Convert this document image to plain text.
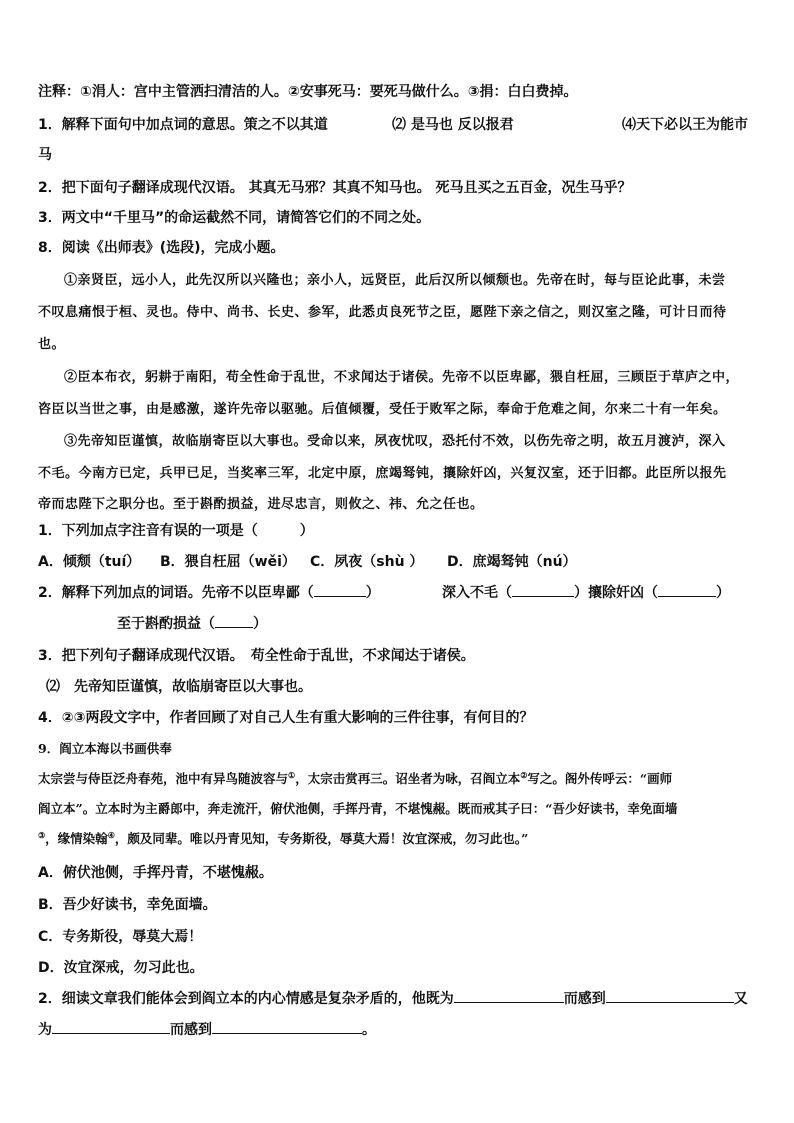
注释：①涓人：宫中主管洒扫清洁的人。②安事死马：要死马做什么。③捐：白白费掉。
1．解释下面句中加点词的意思。策之不以其道	⑵ 是马也 反以报君	⑷天下必以王为能市
马
2．把下面句子翻译成现代汉语。 其真无马邪？其真不知马也。 死马且买之五百金，况生马乎？
3．两文中“千里马”的命运截然不同，请简答它们的不同之处。
8．阅读《出师表》(选段)，完成小题。
①亲贤臣，远小人，此先汉所以兴隆也；亲小人，远贤臣，此后汉所以倾颓也。先帝在时，每与臣论此事，未尝
不叹息痛恨于桓、灵也。侍中、尚书、长史、参军，此悉贞良死节之臣，愿陛下亲之信之，则汉室之隆，可计日而待
也。
②臣本布衣，躬耕于南阳，苟全性命于乱世，不求闻达于诸侯。先帝不以臣卑鄙，猥自枉屈，三顾臣于草庐之中，
咨臣以当世之事，由是感激，遂许先帝以驱驰。后值倾覆，受任于败军之际，奉命于危难之间，尔来二十有一年矣。
③先帝知臣谨慎，故临崩寄臣以大事也。受命以来，夙夜忧叹，恐托付不效，以伤先帝之明，故五月渡泸，深入
不毛。今南方已定，兵甲已足，当奖率三军，北定中原，庶竭驽钝，攘除奸凶，兴复汉室，还于旧都。此臣所以报先
帝而忠陛下之职分也。至于斟酌损益，进尽忠言，则攸之、祎、允之任也。
1．下列加点字注音有误的一项是（　　　）
A．倾颓（tuí） B．猥自枉屈（wěi） C．夙夜（shù ） D．庶竭驽钝（nú）
2．解释下列加点的词语。先帝不以臣卑鄙（	）	深入不毛（	）攘除奸凶（	）
至于斟酌损益（	）
3．把下列句子翻译成现代汉语。　苟全性命于乱世，不求闻达于诸侯。
⑵　先帝知臣谨慎，故临崩寄臣以大事也。
4．②③两段文字中，作者回顾了对自己人生有重大影响的三件往事，有何目的？
9．阎立本海以书画供奉
太宗尝与侍臣泛舟春苑，池中有异鸟随波容与①，太宗击赏再三。诏坐者为咏，召阎立本②写之。阁外传呼云：“画师
阎立本”。立本时为主爵郎中，奔走流汗，俯伏池侧，手挥丹青，不堪愧赧。既而戒其子曰：“吾少好读书，幸免面墙
③，缘情染翰④，颇及同辈。唯以丹青见知，专务斯役，辱莫大焉！汝宜深戒，勿习此也。”
A．俯伏池侧，手挥丹青，不堪愧赧。
B．吾少好读书，幸免面墙。
C．专务斯役，辱莫大焉！
D．汝宜深戒，勿习此也。
2．细读文章我们能体会到阎立本的内心情感是复杂矛盾的，他既为	而感到	又
为	而感到	。
